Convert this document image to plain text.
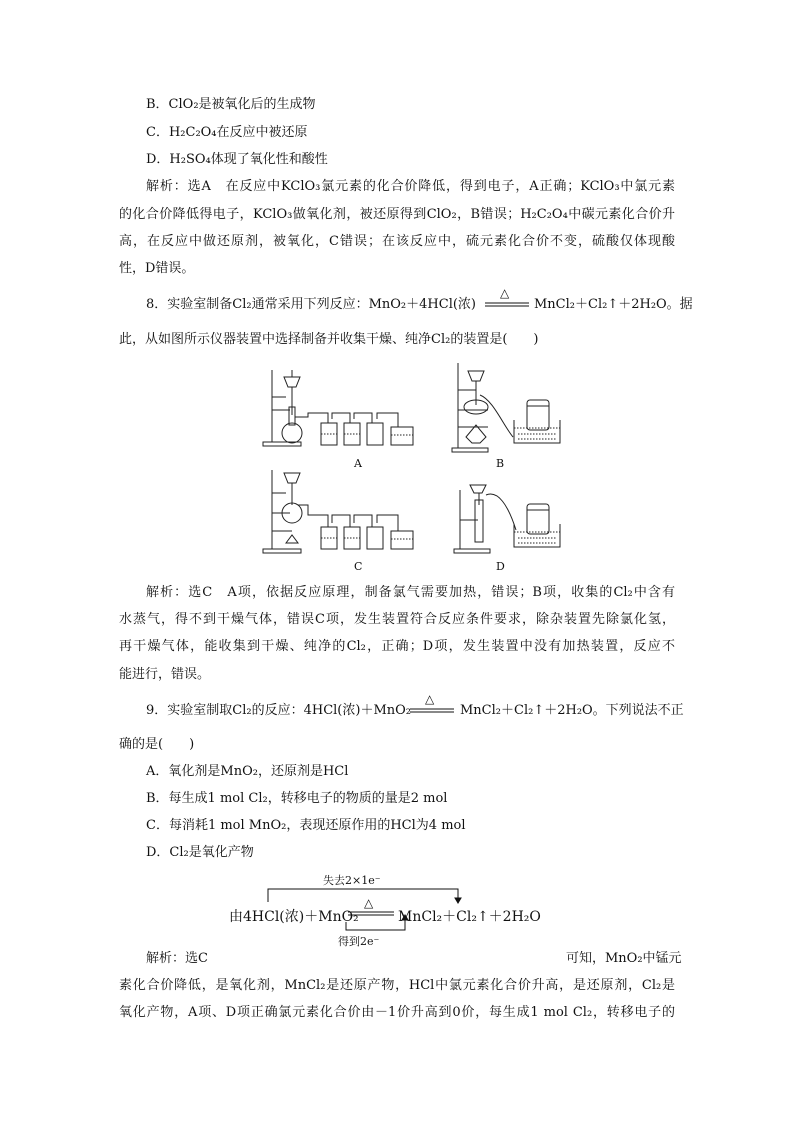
B．ClO₂是被氧化后的生成物
C．H₂C₂O₄在反应中被还原
D．H₂SO₄体现了氧化性和酸性
解析：选A　在反应中KClO₃氯元素的化合价降低，得到电子，A正确；KClO₃中氯元素
的化合价降低得电子，KClO₃做氧化剂，被还原得到ClO₂，B错误；H₂C₂O₄中碳元素化合价升
高，在反应中做还原剂，被氧化，C错误；在该反应中，硫元素化合价不变，硫酸仅体现酸
性，D错误。
8．实验室制备Cl₂通常采用下列反应：MnO₂＋4HCl(浓)
△
MnCl₂＋Cl₂↑＋2H₂O。据
此，从如图所示仪器装置中选择制备并收集干燥、纯净Cl₂的装置是(　　)
A	B
C	D
解析：选C　A项，依据反应原理，制备氯气需要加热，错误；B项，收集的Cl₂中含有
水蒸气，得不到干燥气体，错误C项，发生装置符合反应条件要求，除杂装置先除氯化氢，
再干燥气体，能收集到干燥、纯净的Cl₂，正确；D项，发生装置中没有加热装置，反应不
能进行，错误。
9．实验室制取Cl₂的反应：4HCl(浓)＋MnO₂
△
MnCl₂＋Cl₂↑＋2H₂O。下列说法不正
确的是(　　)
A．氧化剂是MnO₂，还原剂是HCl
B．每生成1 mol Cl₂，转移电子的物质的量是2 mol
C．每消耗1 mol MnO₂，表现还原作用的HCl为4 mol
D．Cl₂是氧化产物
失去2×1e⁻
由4HCl(浓)＋MnO₂
△
MnCl₂＋Cl₂↑＋2H₂O
得到2e⁻
解析：选C	可知，MnO₂中锰元
素化合价降低，是氧化剂，MnCl₂是还原产物，HCl中氯元素化合价升高，是还原剂，Cl₂是
氧化产物，A项、D项正确氯元素化合价由－1价升高到0价，每生成1 mol Cl₂，转移电子的
